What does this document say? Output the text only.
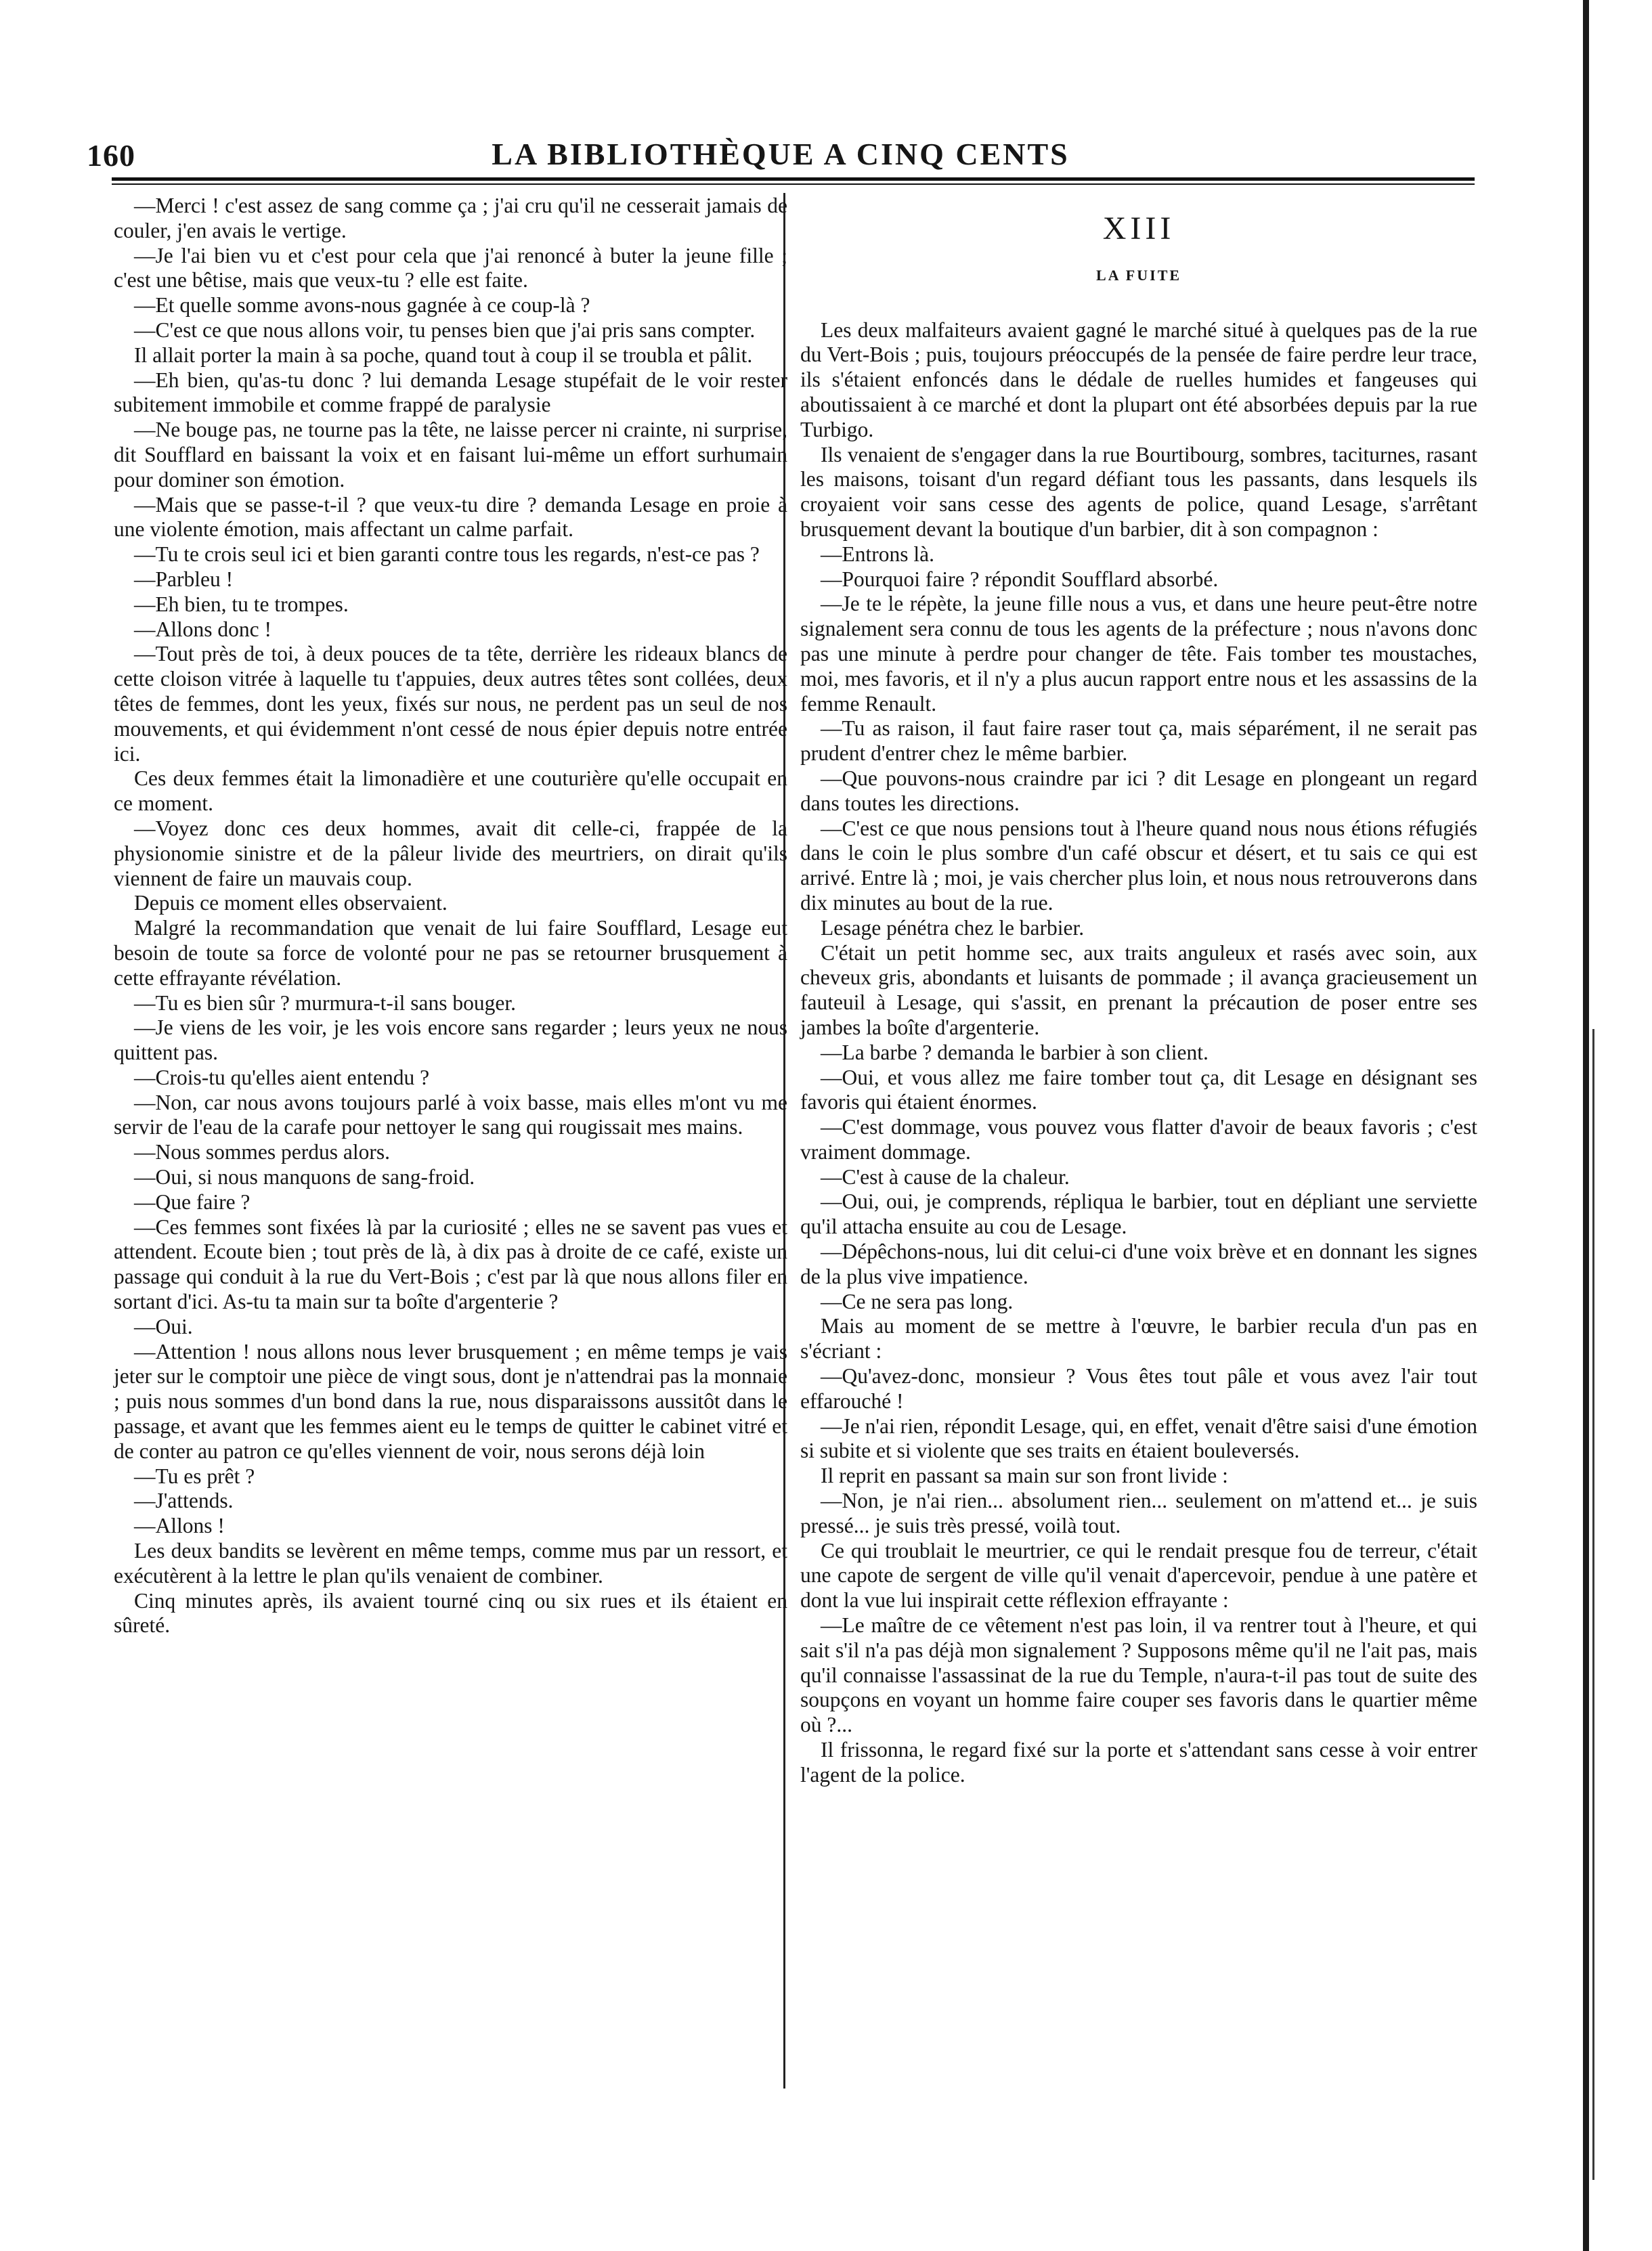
160	LA BIBLIOTHÈQUE A CINQ CENTS

—Merci ! c'est assez de sang comme ça ; j'ai cru qu'il ne cesserait jamais de couler, j'en avais le vertige.

—Je l'ai bien vu et c'est pour cela que j'ai renoncé à buter la jeune fille ; c'est une bêtise, mais que veux-tu ? elle est faite.

—Et quelle somme avons-nous gagnée à ce coup-là ?

—C'est ce que nous allons voir, tu penses bien que j'ai pris sans compter.

Il allait porter la main à sa poche, quand tout à coup il se troubla et pâlit.

—Eh bien, qu'as-tu donc ? lui demanda Lesage stupéfait de le voir rester subitement immobile et comme frappé de paralysie

—Ne bouge pas, ne tourne pas la tête, ne laisse percer ni crainte, ni surprise, dit Soufflard en baissant la voix et en faisant lui-même un effort surhumain pour dominer son émotion.

—Mais que se passe-t-il ? que veux-tu dire ? demanda Lesage en proie à une violente émotion, mais affectant un calme parfait.

—Tu te crois seul ici et bien garanti contre tous les regards, n'est-ce pas ?

—Parbleu !

—Eh bien, tu te trompes.

—Allons donc !

—Tout près de toi, à deux pouces de ta tête, derrière les rideaux blancs de cette cloison vitrée à laquelle tu t'appuies, deux autres têtes sont collées, deux têtes de femmes, dont les yeux, fixés sur nous, ne perdent pas un seul de nos mouvements, et qui évidemment n'ont cessé de nous épier depuis notre entrée ici.

Ces deux femmes était la limonadière et une couturière qu'elle occupait en ce moment.

—Voyez donc ces deux hommes, avait dit celle-ci, frappée de la physionomie sinistre et de la pâleur livide des meurtriers, on dirait qu'ils viennent de faire un mauvais coup.

Depuis ce moment elles observaient.

Malgré la recommandation que venait de lui faire Soufflard, Lesage eut besoin de toute sa force de volonté pour ne pas se retourner brusquement à cette effrayante révélation.

—Tu es bien sûr ? murmura-t-il sans bouger.

—Je viens de les voir, je les vois encore sans regarder ; leurs yeux ne nous quittent pas.

—Crois-tu qu'elles aient entendu ?

—Non, car nous avons toujours parlé à voix basse, mais elles m'ont vu me servir de l'eau de la carafe pour nettoyer le sang qui rougissait mes mains.

—Nous sommes perdus alors.

—Oui, si nous manquons de sang-froid.

—Que faire ?

—Ces femmes sont fixées là par la curiosité ; elles ne se savent pas vues et attendent. Ecoute bien ; tout près de là, à dix pas à droite de ce café, existe un passage qui conduit à la rue du Vert-Bois ; c'est par là que nous allons filer en sortant d'ici. As-tu ta main sur ta boîte d'argenterie ?

—Oui.

—Attention ! nous allons nous lever brusquement ; en même temps je vais jeter sur le comptoir une pièce de vingt sous, dont je n'attendrai pas la monnaie ; puis nous sommes d'un bond dans la rue, nous disparaissons aussitôt dans le passage, et avant que les femmes aient eu le temps de quitter le cabinet vitré et de conter au patron ce qu'elles viennent de voir, nous serons déjà loin

—Tu es prêt ?

—J'attends.

—Allons !

Les deux bandits se levèrent en même temps, comme mus par un ressort, et exécutèrent à la lettre le plan qu'ils venaient de combiner.

Cinq minutes après, ils avaient tourné cinq ou six rues et ils étaient en sûreté.

XIII
LA FUITE

Les deux malfaiteurs avaient gagné le marché situé à quelques pas de la rue du Vert-Bois ; puis, toujours préoccupés de la pensée de faire perdre leur trace, ils s'étaient enfoncés dans le dédale de ruelles humides et fangeuses qui aboutissaient à ce marché et dont la plupart ont été absorbées depuis par la rue Turbigo.

Ils venaient de s'engager dans la rue Bourtibourg, sombres, taciturnes, rasant les maisons, toisant d'un regard défiant tous les passants, dans lesquels ils croyaient voir sans cesse des agents de police, quand Lesage, s'arrêtant brusquement devant la boutique d'un barbier, dit à son compagnon :

—Entrons là.

—Pourquoi faire ? répondit Soufflard absorbé.

—Je te le répète, la jeune fille nous a vus, et dans une heure peut-être notre signalement sera connu de tous les agents de la préfecture ; nous n'avons donc pas une minute à perdre pour changer de tête. Fais tomber tes moustaches, moi, mes favoris, et il n'y a plus aucun rapport entre nous et les assassins de la femme Renault.

—Tu as raison, il faut faire raser tout ça, mais séparément, il ne serait pas prudent d'entrer chez le même barbier.

—Que pouvons-nous craindre par ici ? dit Lesage en plongeant un regard dans toutes les directions.

—C'est ce que nous pensions tout à l'heure quand nous nous étions réfugiés dans le coin le plus sombre d'un café obscur et désert, et tu sais ce qui est arrivé. Entre là ; moi, je vais chercher plus loin, et nous nous retrouverons dans dix minutes au bout de la rue.

Lesage pénétra chez le barbier.

C'était un petit homme sec, aux traits anguleux et rasés avec soin, aux cheveux gris, abondants et luisants de pommade ; il avança gracieusement un fauteuil à Lesage, qui s'assit, en prenant la précaution de poser entre ses jambes la boîte d'argenterie.

—La barbe ? demanda le barbier à son client.

—Oui, et vous allez me faire tomber tout ça, dit Lesage en désignant ses favoris qui étaient énormes.

—C'est dommage, vous pouvez vous flatter d'avoir de beaux favoris ; c'est vraiment dommage.

—C'est à cause de la chaleur.

—Oui, oui, je comprends, répliqua le barbier, tout en dépliant une serviette qu'il attacha ensuite au cou de Lesage.

—Dépêchons-nous, lui dit celui-ci d'une voix brève et en donnant les signes de la plus vive impatience.

—Ce ne sera pas long.

Mais au moment de se mettre à l'œuvre, le barbier recula d'un pas en s'écriant :

—Qu'avez-donc, monsieur ? Vous êtes tout pâle et vous avez l'air tout effarouché !

—Je n'ai rien, répondit Lesage, qui, en effet, venait d'être saisi d'une émotion si subite et si violente que ses traits en étaient bouleversés.

Il reprit en passant sa main sur son front livide :

—Non, je n'ai rien... absolument rien... seulement on m'attend et... je suis pressé... je suis très pressé, voilà tout.

Ce qui troublait le meurtrier, ce qui le rendait presque fou de terreur, c'était une capote de sergent de ville qu'il venait d'apercevoir, pendue à une patère et dont la vue lui inspirait cette réflexion effrayante :

—Le maître de ce vêtement n'est pas loin, il va rentrer tout à l'heure, et qui sait s'il n'a pas déjà mon signalement ? Supposons même qu'il ne l'ait pas, mais qu'il connaisse l'assassinat de la rue du Temple, n'aura-t-il pas tout de suite des soupçons en voyant un homme faire couper ses favoris dans le quartier même où ?...

Il frissonna, le regard fixé sur la porte et s'attendant sans cesse à voir entrer l'agent de la police.
